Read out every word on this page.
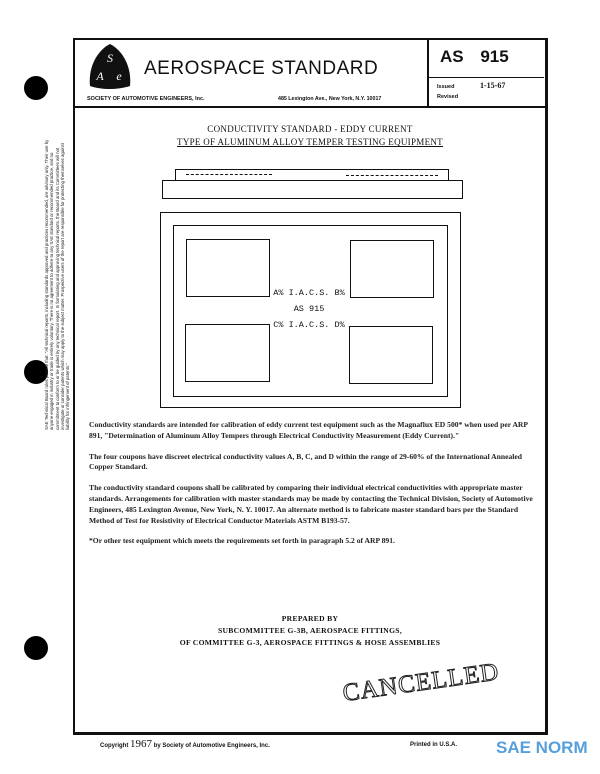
SAE Technical Board rules provide that: "All technical reports, including standards approved and practices recommended, are advisory only. Their use by anyone engaged in industry or trade is entirely voluntary. There is no agreement to adhere to any SAE standard or recommended practice, and no commitment to conform to or be guided by any technical report. In formulating and approving technical reports, the Board and its Committees will not investigate or consider patents which may apply to the subject matter. Prospective users of the report are responsible for protecting themselves against liability for infringement of patents."
S
A e AEROSPACE STANDARD
SOCIETY OF AUTOMOTIVE ENGINEERS, Inc.	485 Lexington Ave., New York, N.Y. 10017
AS 915
Issued	1-15-67
Revised
CONDUCTIVITY STANDARD - EDDY CURRENT
TYPE OF ALUMINUM ALLOY TEMPER TESTING EQUIPMENT
A% I.A.C.S. B%
AS 915
C% I.A.C.S. D%
Conductivity standards are intended for calibration of eddy current test equipment such as the Magnaflux ED 500* when used per ARP 891, "Determination of Aluminum Alloy Tempers through Electrical Conductivity Measurement (Eddy Current)."
The four coupons have discreet electrical conductivity values A, B, C, and D within the range of 29-60% of the International Annealed Copper Standard.
The conductivity standard coupons shall be calibrated by comparing their individual electrical conductivities with appropriate master standards. Arrangements for calibration with master standards may be made by contacting the Technical Division, Society of Automotive Engineers, 485 Lexington Avenue, New York, N. Y. 10017. An alternate method is to fabricate master standard bars per the Standard Method of Test for Resistivity of Electrical Conductor Materials ASTM B193-57.
*Or other test equipment which meets the requirements set forth in paragraph 5.2 of ARP 891.
PREPARED BY
SUBCOMMITTEE G-3B, AEROSPACE FITTINGS,
OF COMMITTEE G-3, AEROSPACE FITTINGS & HOSE ASSEMBLIES
CANCELLED
Copyright 1967 by Society of Automotive Engineers, Inc.	Printed in U.S.A. SAE NORM
